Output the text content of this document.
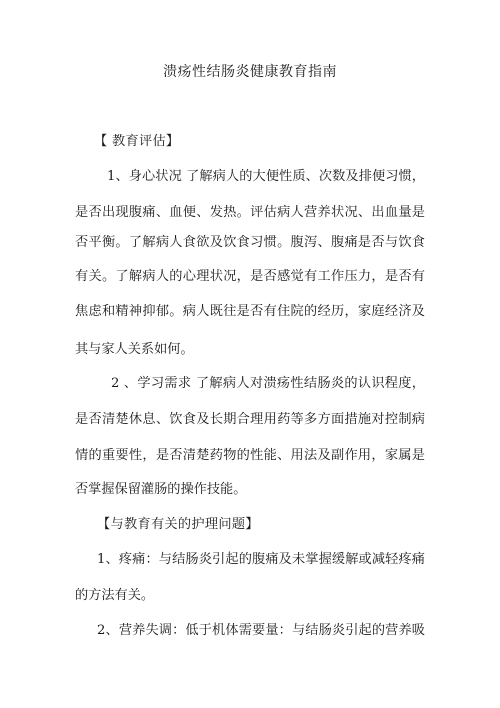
溃疡性结肠炎健康教育指南
【 教育评估】
1、身心状况 了解病人的大便性质、次数及排便习惯，
是否出现腹痛、血便、发热。评估病人营养状况、出血量是
否平衡。了解病人食欲及饮食习惯。腹泻、腹痛是否与饮食
有关。了解病人的心理状况，是否感觉有工作压力，是否有
焦虑和精神抑郁。病人既往是否有住院的经历，家庭经济及
其与家人关系如何。
2 、学习需求 了解病人对溃疡性结肠炎的认识程度，
是否清楚休息、饮食及长期合理用药等多方面措施对控制病
情的重要性，是否清楚药物的性能、用法及副作用，家属是
否掌握保留灌肠的操作技能。
【与教育有关的护理问题】
1、疼痛：与结肠炎引起的腹痛及未掌握缓解或减轻疼痛
的方法有关。
2、营养失调：低于机体需要量：与结肠炎引起的营养吸
